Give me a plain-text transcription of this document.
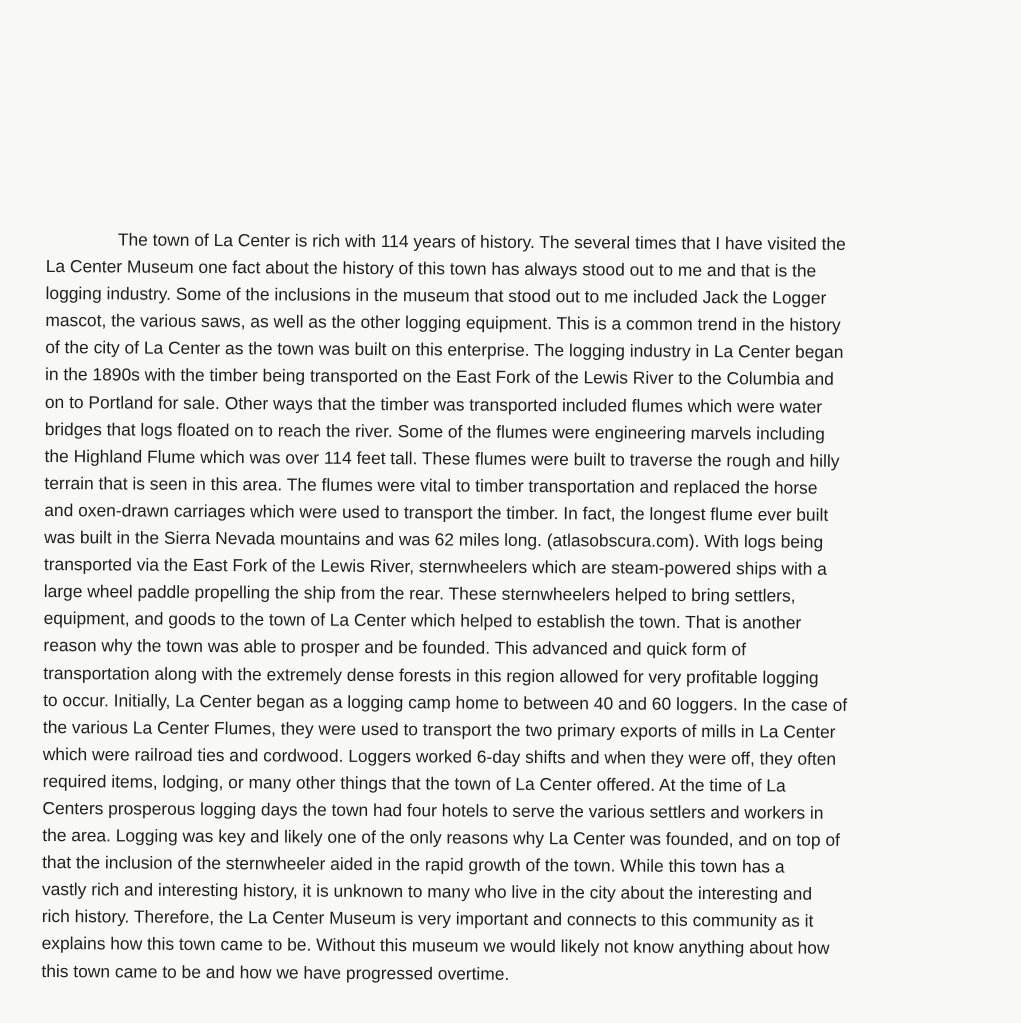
The town of La Center is rich with 114 years of history. The several times that I have visited the
La Center Museum one fact about the history of this town has always stood out to me and that is the
logging industry. Some of the inclusions in the museum that stood out to me included Jack the Logger
mascot, the various saws, as well as the other logging equipment. This is a common trend in the history
of the city of La Center as the town was built on this enterprise. The logging industry in La Center began
in the 1890s with the timber being transported on the East Fork of the Lewis River to the Columbia and
on to Portland for sale. Other ways that the timber was transported included flumes which were water
bridges that logs floated on to reach the river. Some of the flumes were engineering marvels including
the Highland Flume which was over 114 feet tall. These flumes were built to traverse the rough and hilly
terrain that is seen in this area. The flumes were vital to timber transportation and replaced the horse
and oxen-drawn carriages which were used to transport the timber. In fact, the longest flume ever built
was built in the Sierra Nevada mountains and was 62 miles long. (atlasobscura.com). With logs being
transported via the East Fork of the Lewis River, sternwheelers which are steam-powered ships with a
large wheel paddle propelling the ship from the rear. These sternwheelers helped to bring settlers,
equipment, and goods to the town of La Center which helped to establish the town. That is another
reason why the town was able to prosper and be founded. This advanced and quick form of
transportation along with the extremely dense forests in this region allowed for very profitable logging
to occur. Initially, La Center began as a logging camp home to between 40 and 60 loggers. In the case of
the various La Center Flumes, they were used to transport the two primary exports of mills in La Center
which were railroad ties and cordwood. Loggers worked 6-day shifts and when they were off, they often
required items, lodging, or many other things that the town of La Center offered. At the time of La
Centers prosperous logging days the town had four hotels to serve the various settlers and workers in
the area. Logging was key and likely one of the only reasons why La Center was founded, and on top of
that the inclusion of the sternwheeler aided in the rapid growth of the town. While this town has a
vastly rich and interesting history, it is unknown to many who live in the city about the interesting and
rich history. Therefore, the La Center Museum is very important and connects to this community as it
explains how this town came to be. Without this museum we would likely not know anything about how
this town came to be and how we have progressed overtime.
